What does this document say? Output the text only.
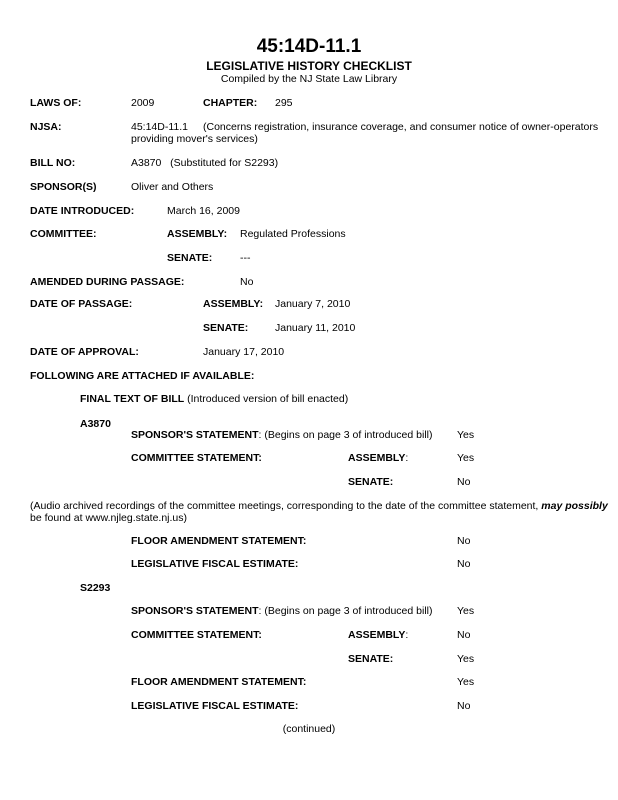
45:14D-11.1
LEGISLATIVE HISTORY CHECKLIST
Compiled by the NJ State Law Library
LAWS OF:	2009	CHAPTER: 295
NJSA:	45:14D-11.1 (Concerns registration, insurance coverage, and consumer notice of owner-operators
providing mover's services)
BILL NO:	A3870   (Substituted for S2293)
SPONSOR(S)	Oliver and Others
DATE INTRODUCED:	March 16, 2009
COMMITTEE:	ASSEMBLY: Regulated Professions
SENATE:	---
AMENDED DURING PASSAGE:	No
DATE OF PASSAGE:	ASSEMBLY: January 7, 2010
SENATE:	January 11, 2010
DATE OF APPROVAL:	January 17, 2010
FOLLOWING ARE ATTACHED IF AVAILABLE:
FINAL TEXT OF BILL (Introduced version of bill enacted)
A3870
SPONSOR'S STATEMENT: (Begins on page 3 of introduced bill) Yes
COMMITTEE STATEMENT:	ASSEMBLY:	Yes
SENATE:	No
(Audio archived recordings of the committee meetings, corresponding to the date of the committee statement, may possibly
be found at www.njleg.state.nj.us)
FLOOR AMENDMENT STATEMENT:	No
LEGISLATIVE FISCAL ESTIMATE:	No
S2293
SPONSOR'S STATEMENT: (Begins on page 3 of introduced bill) Yes
COMMITTEE STATEMENT:	ASSEMBLY:	No
SENATE:	Yes
FLOOR AMENDMENT STATEMENT:	Yes
LEGISLATIVE FISCAL ESTIMATE:	No
(continued)
